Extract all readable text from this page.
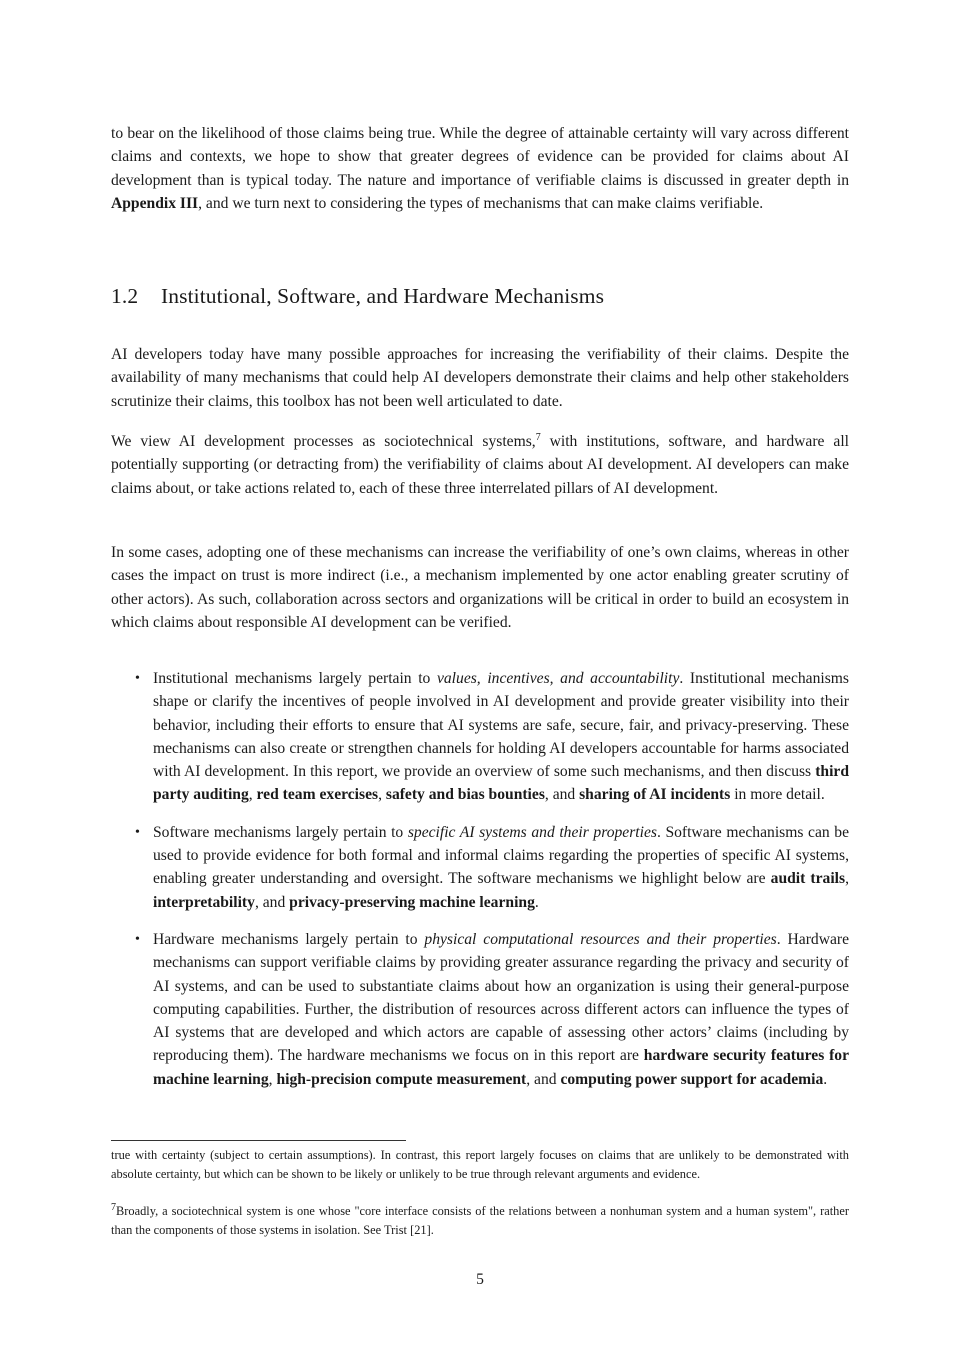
to bear on the likelihood of those claims being true. While the degree of attainable certainty will vary across different claims and contexts, we hope to show that greater degrees of evidence can be provided for claims about AI development than is typical today. The nature and importance of verifiable claims is discussed in greater depth in Appendix III, and we turn next to considering the types of mechanisms that can make claims verifiable.

1.2 Institutional, Software, and Hardware Mechanisms

AI developers today have many possible approaches for increasing the verifiability of their claims. Despite the availability of many mechanisms that could help AI developers demonstrate their claims and help other stakeholders scrutinize their claims, this toolbox has not been well articulated to date.

We view AI development processes as sociotechnical systems,$^7$ with institutions, software, and hardware all potentially supporting (or detracting from) the verifiability of claims about AI development. AI developers can make claims about, or take actions related to, each of these three interrelated pillars of AI development.

In some cases, adopting one of these mechanisms can increase the verifiability of one’s own claims, whereas in other cases the impact on trust is more indirect (i.e., a mechanism implemented by one actor enabling greater scrutiny of other actors). As such, collaboration across sectors and organizations will be critical in order to build an ecosystem in which claims about responsible AI development can be verified.

• Institutional mechanisms largely pertain to values, incentives, and accountability. Institutional mechanisms shape or clarify the incentives of people involved in AI development and provide greater visibility into their behavior, including their efforts to ensure that AI systems are safe, secure, fair, and privacy-preserving. These mechanisms can also create or strengthen channels for holding AI developers accountable for harms associated with AI development. In this report, we provide an overview of some such mechanisms, and then discuss third party auditing, red team exercises, safety and bias bounties, and sharing of AI incidents in more detail.
• Software mechanisms largely pertain to specific AI systems and their properties. Software mechanisms can be used to provide evidence for both formal and informal claims regarding the properties of specific AI systems, enabling greater understanding and oversight. The software mechanisms we highlight below are audit trails, interpretability, and privacy-preserving machine learning.
• Hardware mechanisms largely pertain to physical computational resources and their properties. Hardware mechanisms can support verifiable claims by providing greater assurance regarding the privacy and security of AI systems, and can be used to substantiate claims about how an organization is using their general-purpose computing capabilities. Further, the distribution of resources across different actors can influence the types of AI systems that are developed and which actors are capable of assessing other actors’ claims (including by reproducing them). The hardware mechanisms we focus on in this report are hardware security features for machine learning, high-precision compute measurement, and computing power support for academia.

true with certainty (subject to certain assumptions). In contrast, this report largely focuses on claims that are unlikely to be demonstrated with absolute certainty, but which can be shown to be likely or unlikely to be true through relevant arguments and evidence.

$^7$Broadly, a sociotechnical system is one whose "core interface consists of the relations between a nonhuman system and a human system", rather than the components of those systems in isolation. See Trist [21].

5
